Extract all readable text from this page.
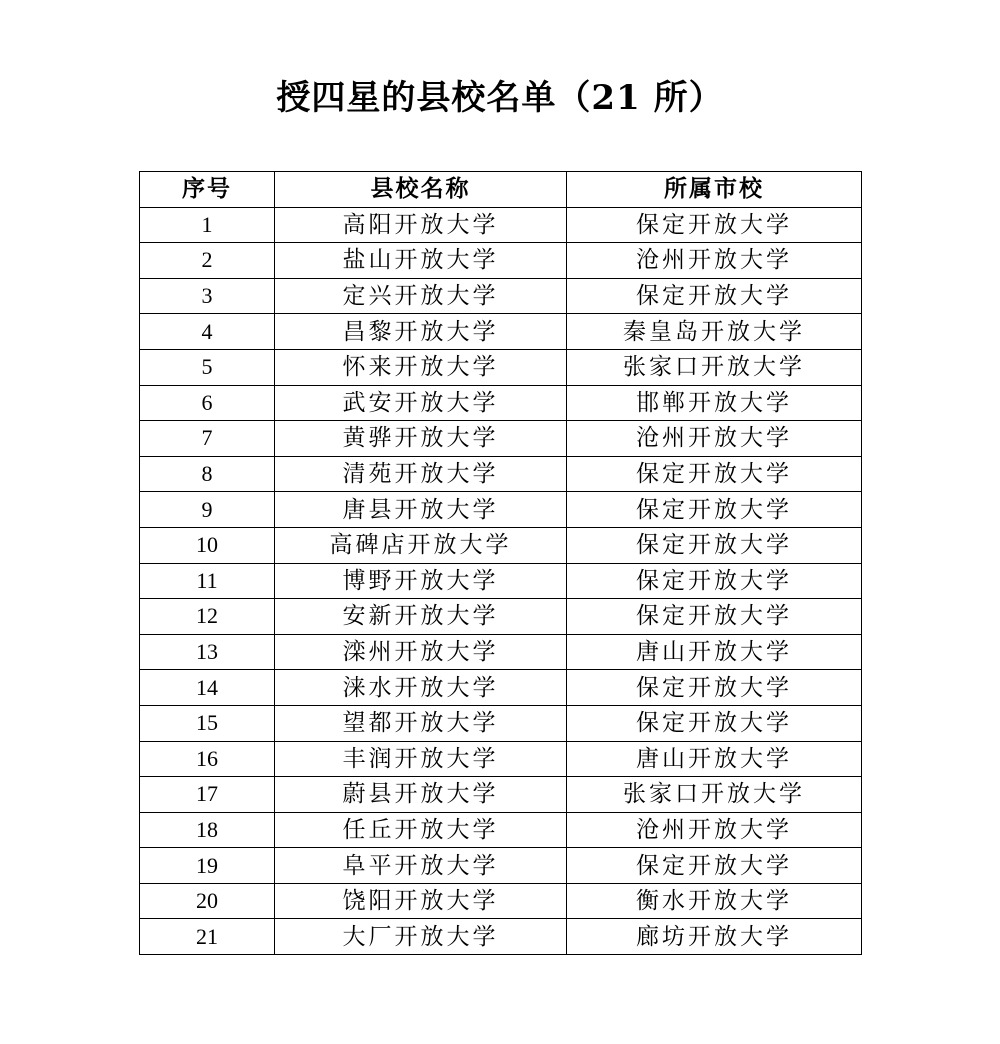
授四星的县校名单（21 所）
序号	县校名称	所属市校
1	高阳开放大学	保定开放大学
2	盐山开放大学	沧州开放大学
3	定兴开放大学	保定开放大学
4	昌黎开放大学	秦皇岛开放大学
5	怀来开放大学	张家口开放大学
6	武安开放大学	邯郸开放大学
7	黄骅开放大学	沧州开放大学
8	清苑开放大学	保定开放大学
9	唐县开放大学	保定开放大学
10	高碑店开放大学	保定开放大学
11	博野开放大学	保定开放大学
12	安新开放大学	保定开放大学
13	滦州开放大学	唐山开放大学
14	涞水开放大学	保定开放大学
15	望都开放大学	保定开放大学
16	丰润开放大学	唐山开放大学
17	蔚县开放大学	张家口开放大学
18	任丘开放大学	沧州开放大学
19	阜平开放大学	保定开放大学
20	饶阳开放大学	衡水开放大学
21	大厂开放大学	廊坊开放大学
